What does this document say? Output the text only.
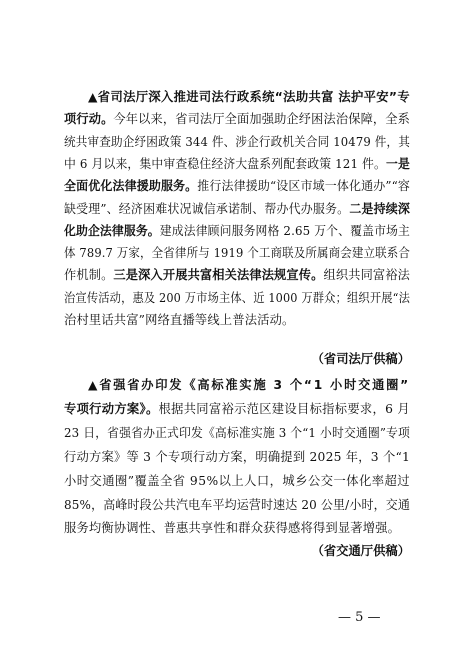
▲省司法厅深入推进司法行政系统“法助共富 法护平安”专
项行动。今年以来，省司法厅全面加强助企纾困法治保障，全系
统共审查助企纾困政策 344 件、涉企行政机关合同 10479 件，其
中 6 月以来，集中审查稳住经济大盘系列配套政策 121 件。一是
全面优化法律援助服务。推行法律援助“设区市域一体化通办”“容
缺受理”、经济困难状况诚信承诺制、帮办代办服务。二是持续深
化助企法律服务。建成法律顾问服务网格 2.65 万个、覆盖市场主
体 789.7 万家，全省律所与 1919 个工商联及所属商会建立联系合
作机制。三是深入开展共富相关法律法规宣传。组织共同富裕法
治宣传活动，惠及 200 万市场主体、近 1000 万群众；组织开展“法
治村里话共富”网络直播等线上普法活动。
（省司法厅供稿）
▲省强省办印发《高标准实施 3 个“1 小时交通圈”
专项行动方案》。根据共同富裕示范区建设目标指标要求，6 月
23 日，省强省办正式印发《高标准实施 3 个“1 小时交通圈”专项
行动方案》等 3 个专项行动方案，明确提到 2025 年，3 个“1
小时交通圈”覆盖全省 95%以上人口，城乡公交一体化率超过
85%，高峰时段公共汽电车平均运营时速达 20 公里/小时，交通
服务均衡协调性、普惠共享性和群众获得感将得到显著增强。
（省交通厅供稿）
— 5 —
